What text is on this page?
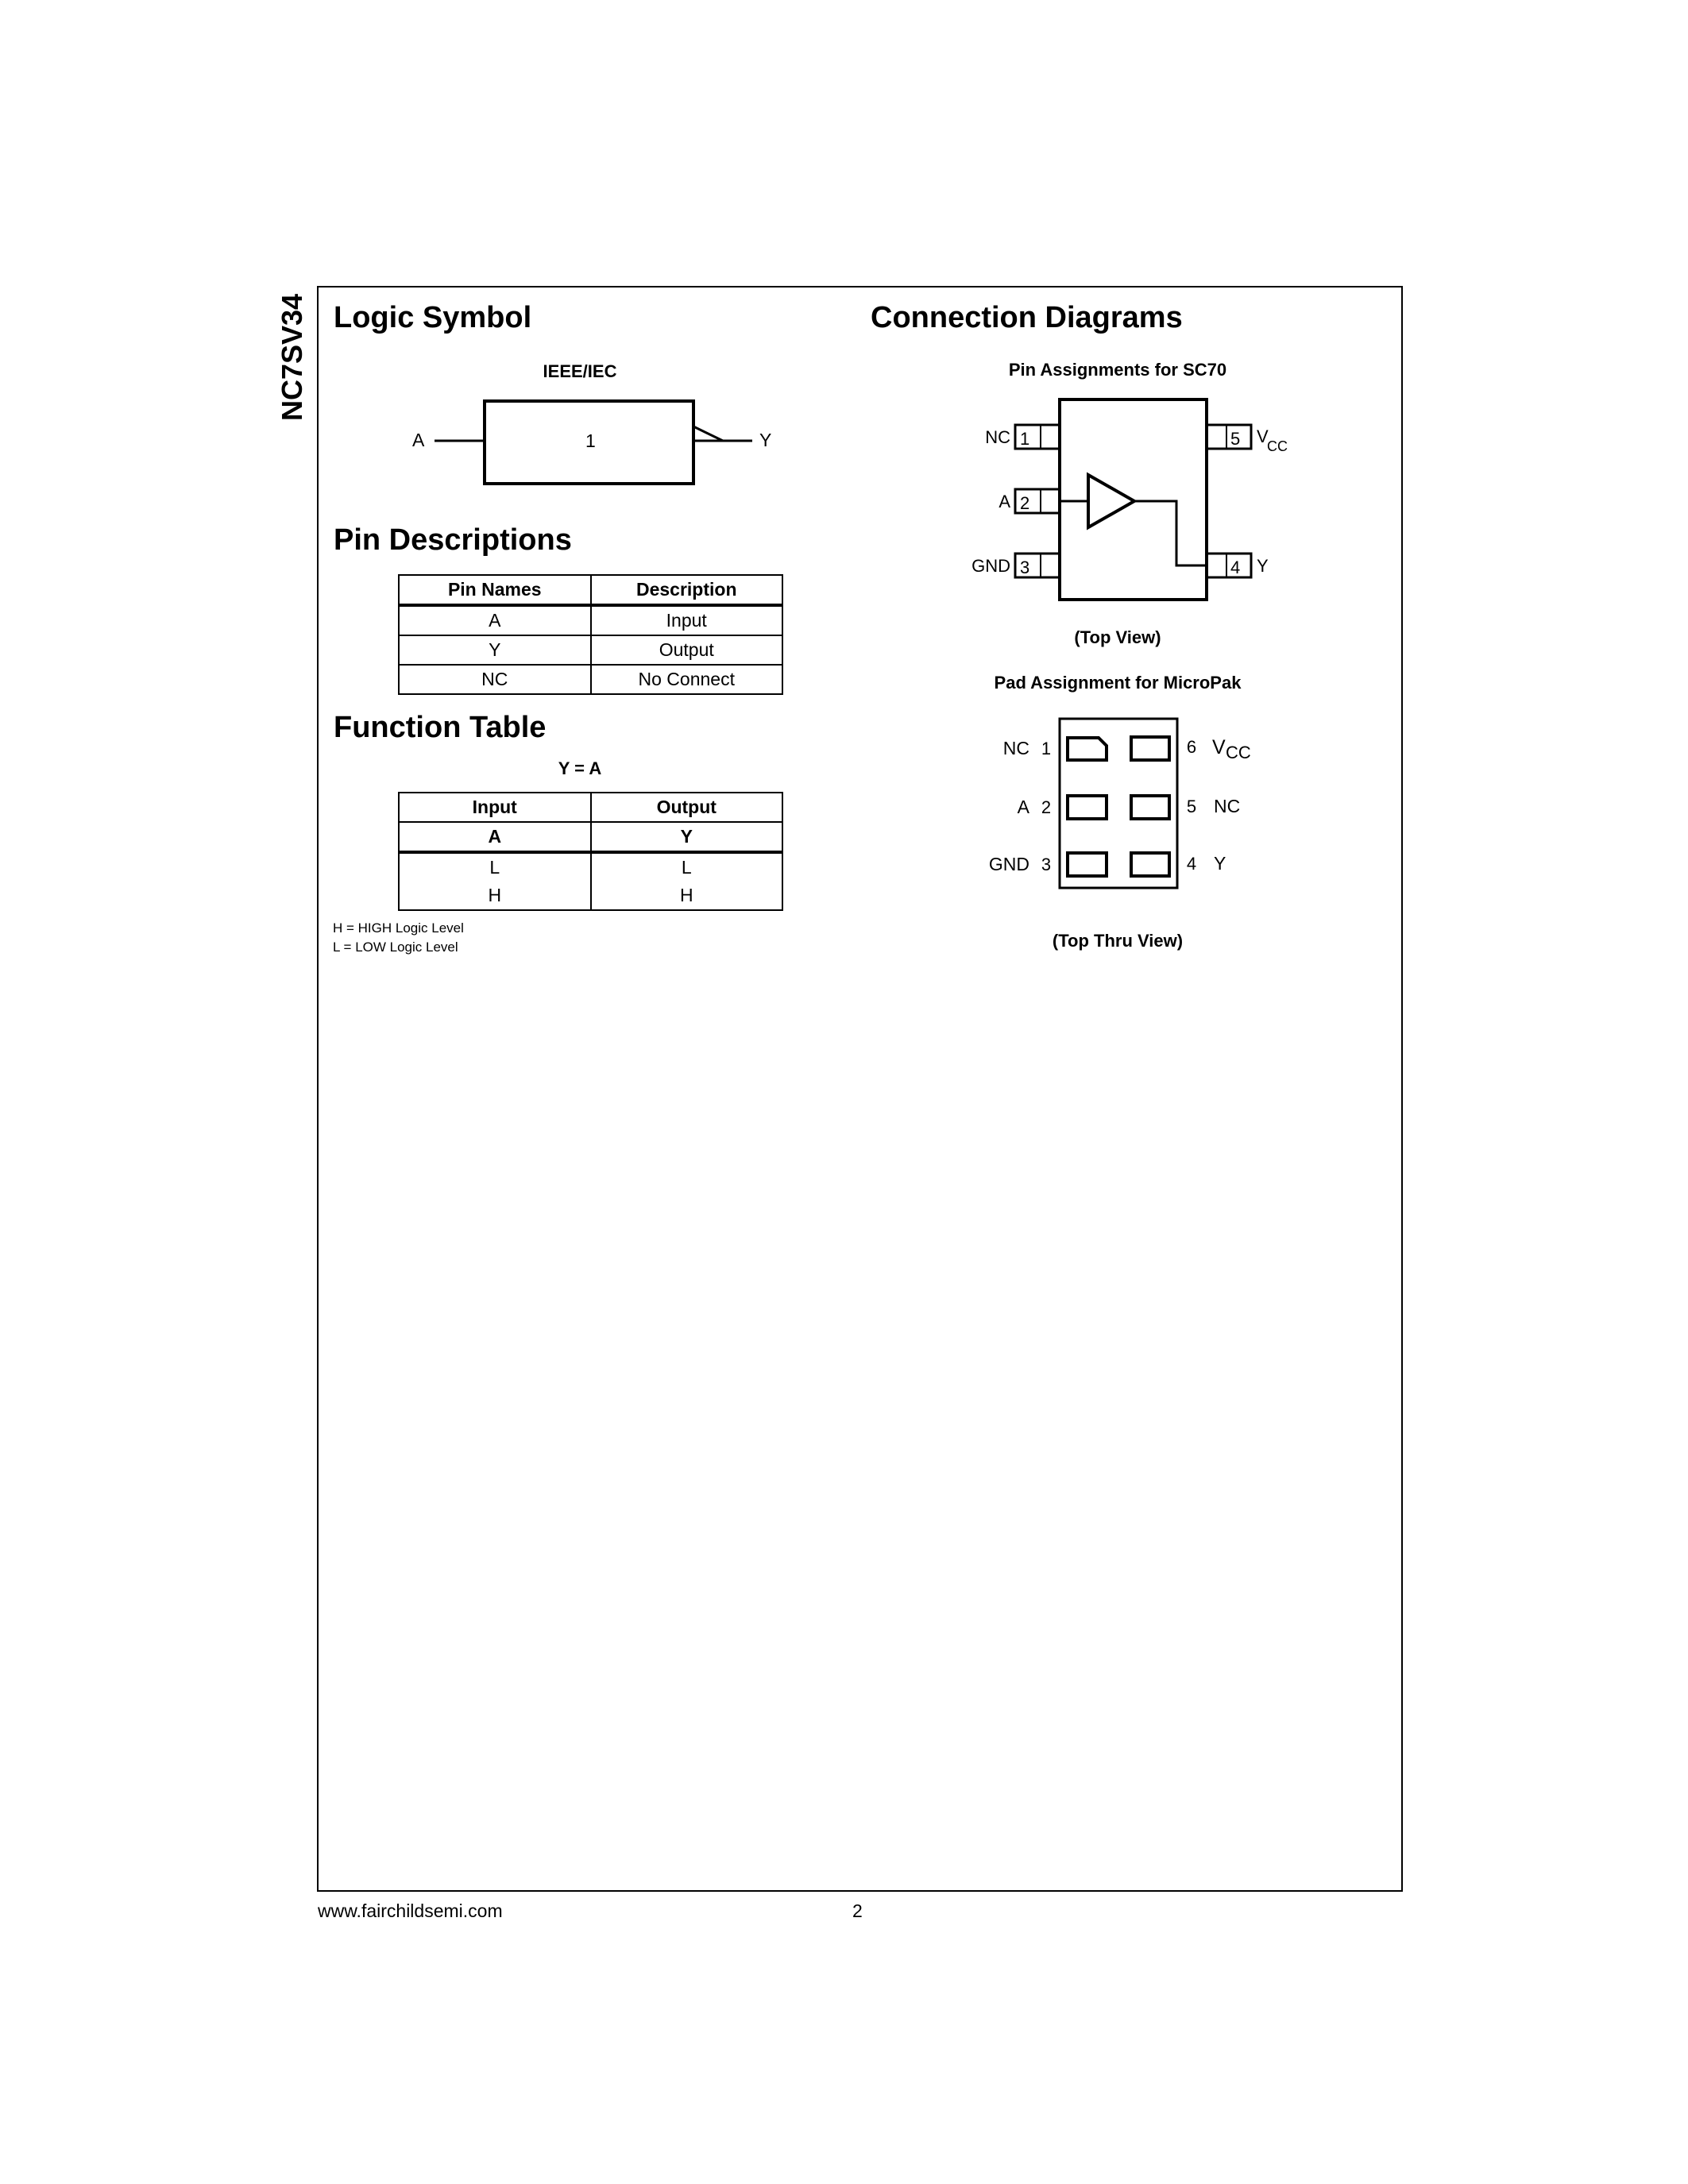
NC7SV34 Logic Symbol
IEEE/IEC
A	1	Y
Pin Descriptions
Pin Names	Description
A	Input
Y	Output
NC	No Connect
Function Table
Y = A
Input	Output
A	Y
L	L
H	H
H = HIGH Logic Level
L = LOW Logic Level
Connection Diagrams
Pin Assignments for SC70
1
2
3	4
5
NC
A
GND	Y
V
CC
(Top View)
Pad Assignment for MicroPak
1
2
3
NC
A
GND	4
5
6
Y
NC
V CC
(Top Thru View)
www.fairchildsemi.com	2
